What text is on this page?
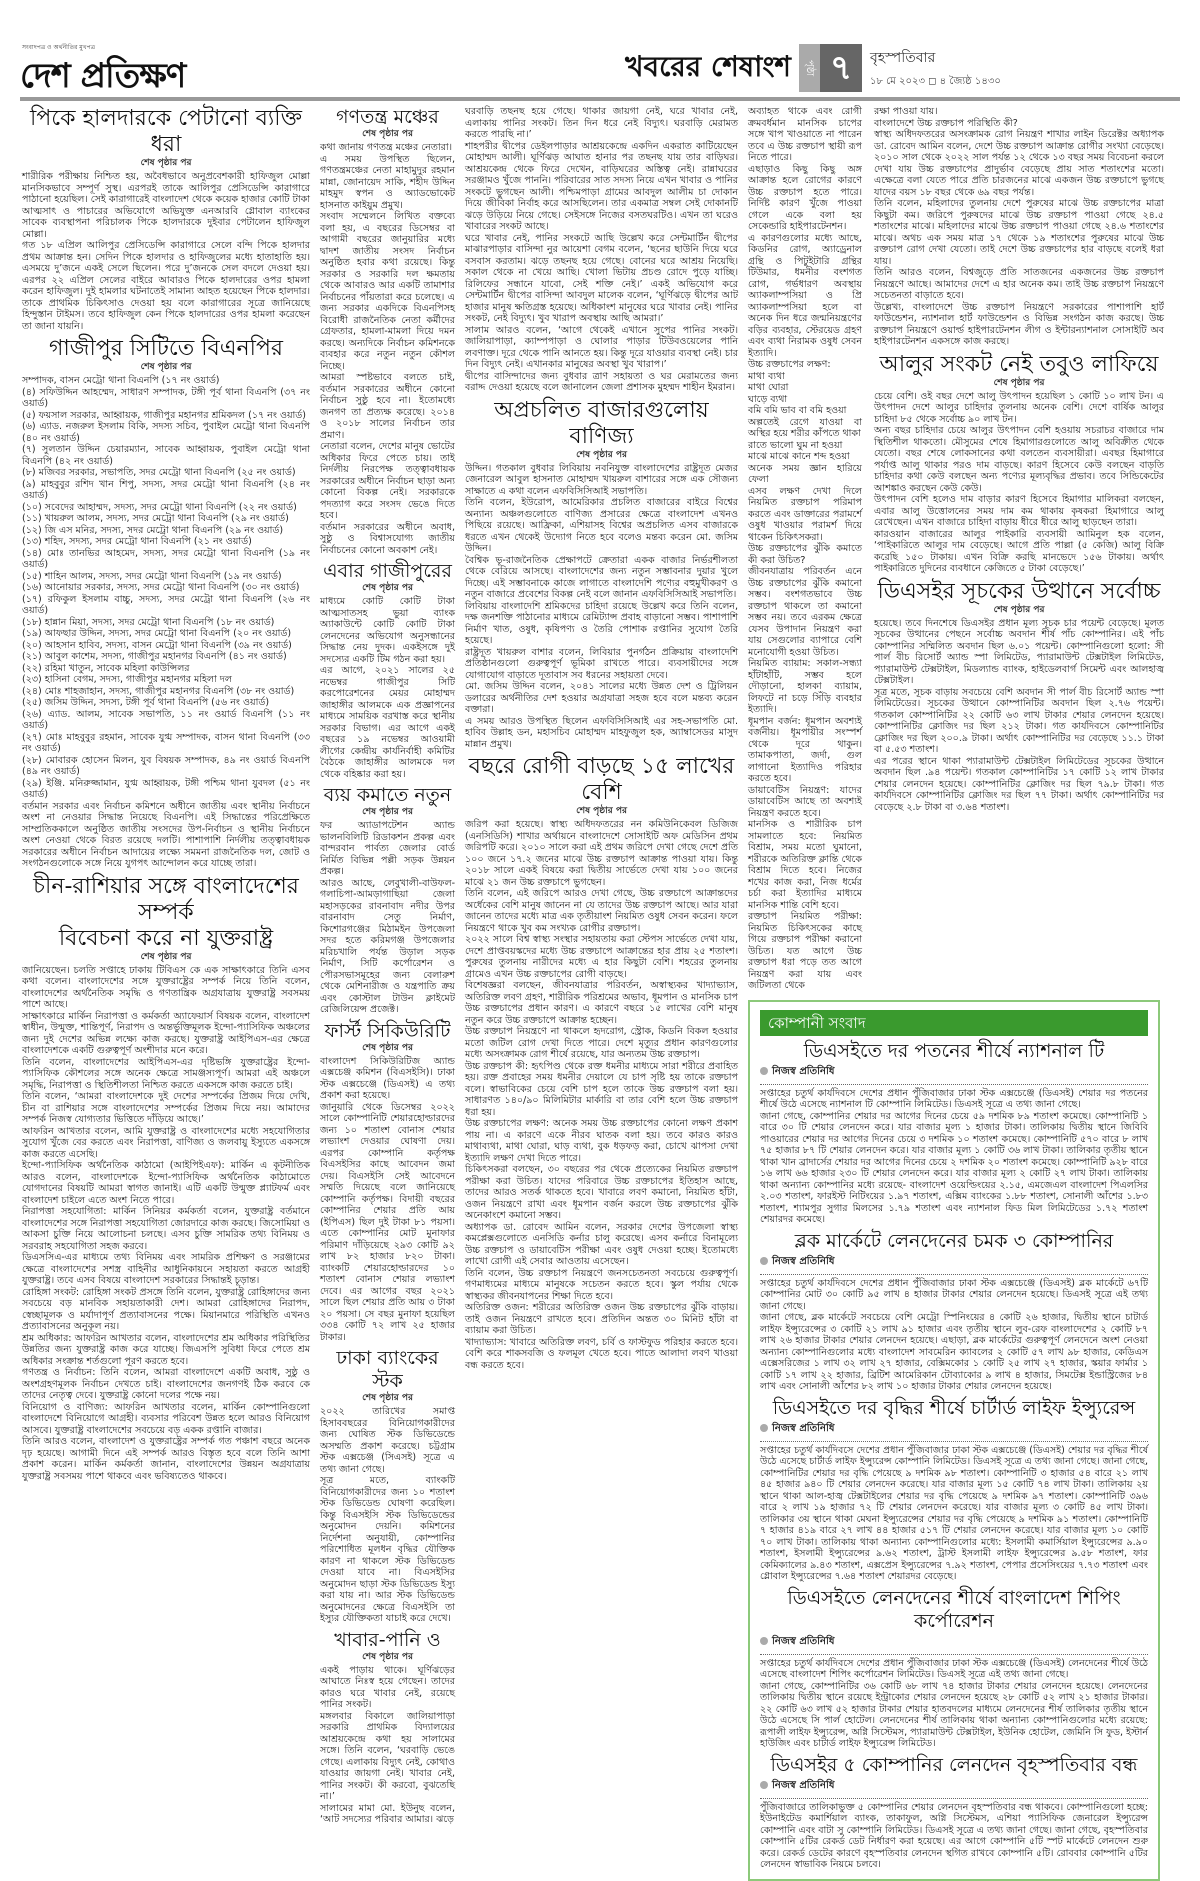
সংবাদপত্র ও অর্থনীতির মুখপত্র
দেশ প্রতিক্ষণ	খবরের শেষাংশ	পৃষ্ঠা ৭	বৃহস্পতিবার
১৮ মে ২০২৩ ◻ ৪ জ্যৈষ্ঠ ১৪৩০
পিকে হালদারকে পেটানো ব্যক্তি ধরা
শেষ পৃষ্ঠার পর

শারীরিক পরীক্ষায় নিশ্চিত হয়, অবৈধভাবে অনুপ্রবেশকারী হাফিজুল মোল্লা মানসিকভাবে সম্পূর্ণ সুস্থ। এরপরই তাকে আলিপুর প্রেসিডেন্সি কারাগারে পাঠানো হয়েছিল। সেই কারাগারেই বাংলাদেশ থেকে কয়েক হাজার কোটি টাকা আত্মসাৎ ও পাচারের অভিযোগে অভিযুক্ত এনআরবি গ্লোবাল ব্যাংকের সাবেক ব্যবস্থাপনা পরিচালক পিকে হালদারকে দুইবার পেটালেন হাফিজুল মোল্লা।

গত ১৮ এপ্রিল আলিপুর প্রেসিডেন্সি কারাগারে সেলে বন্দি পিকে হালদার প্রথম আক্রান্ত হন। সেদিন পিকে হালদার ও হাফিজুলের মধ্যে হাতাহাতি হয়। এসময়ে দু’জনে একই সেলে ছিলেন। পরে দু’জনকে সেল বদলে দেওয়া হয়। এরপর ২২ এপ্রিল সেলের বাইরে আবারও পিকে হালদারের ওপর হামলা করেন হাফিজুল। দুই হামলার ঘটনাতেই সামান্য আহত হয়েছেন পিকে হালদার। তাকে প্রাথমিক চিকিৎসাও দেওয়া হয় বলে কারাগারের সূত্রে জানিয়েছে হিন্দুস্তান টাইমস। তবে হাফিজুল কেন পিকে হালদারের ওপর হামলা করেছেন তা জানা যায়নি।

গাজীপুর সিটিতে বিএনপির
শেষ পৃষ্ঠার পর

সম্পাদক, বাসন মেট্রো থানা বিএনপি (১৭ নং ওয়ার্ড)

(৪) সফিউদ্দিন আহম্মেদ, সাধারণ সম্পাদক, টঙ্গী পূর্ব থানা বিএনপি (৩৭ নং ওয়ার্ড)

(৫) ফয়সাল সরকার, আহ্বায়ক, গাজীপুর মহানগর শ্রমিকদল (১৭ নং ওয়ার্ড)

(৬) এ্যাড. নজরুল ইসলাম বিকি, সদস্য সচিব, পুবাইল মেট্রো থানা বিএনপি (৪০ নং ওয়ার্ড)

(৭) সুলতান উদ্দিন চেয়ারম্যান, সাবেক আহ্বায়ক, পুবাইল মেট্রো থানা বিএনপি (৪২ নং ওয়ার্ড)

(৮) মজিবর সরকার, সভাপতি, সদর মেট্রো থানা বিএনপি (২৫ নং ওয়ার্ড)

(৯) মাহবুবুর রশিদ খান শিপু, সদস্য, সদর মেট্রো থানা বিএনপি (২৪ নং ওয়ার্ড)

(১০) সবেদের আহাম্মদ, সদস্য, সদর মেট্রো থানা বিএনপি (২২ নং ওয়ার্ড)

(১১) খায়রুল আলম, সদস্য, সদর মেট্রো থানা বিএনপি (২৯ নং ওয়ার্ড)

(১২) জি এস মনির, সদস্য, সদর মেট্রো থানা বিএনপি (২৯ নং ওয়ার্ড)

(১৩) শহিদ, সদস্য, সদর মেট্রো থানা বিএনপি (২১ নং ওয়ার্ড)

(১৪) মোঃ তানভির আহমেদ, সদস্য, সদর মেট্রো থানা বিএনপি (১৯ নং ওয়ার্ড)

(১৫) শাহিন আলম, সদস্য, সদর মেট্রো থানা বিএনপি (১৯ নং ওয়ার্ড)

(১৬) আনোয়ার সরকার, সদস্য, সদর মেট্রো থানা বিএনপি (৩০ নং ওয়ার্ড)

(১৭) রফিকুল ইসলাম বাচ্চু, সদস্য, সদর মেট্রো থানা বিএনপি (২৬ নং ওয়ার্ড)

(১৮) হান্নান মিয়া, সদস্য, সদর মেট্রো থানা বিএনপি (১৮ নং ওয়ার্ড)

(১৯) আফছার উদ্দিন, সদস্য, সদর মেট্রো থানা বিএনপি (২০ নং ওয়ার্ড)

(২০) আহসান হাবিব, সদস্য, বাসন মেট্রো থানা বিএনপি (৩৯ নং ওয়ার্ড)

(২১) আবুল কাশেম, সদস্য, গাজীপুর মহানগর বিএনপি (৪১ নং ওয়ার্ড)

(২২) রহিমা খাতুন, সাবেক মহিলা কাউন্সিলর

(২৩) হাসিনা বেগম, সদস্য, গাজীপুর মহানগর মহিলা দল

(২৪) মোঃ শাহজাহান, সদস্য, গাজীপুর মহানগর বিএনপি (৩৮ নং ওয়ার্ড)

(২৫) জসিম উদ্দিন, সদস্য, টঙ্গী পূর্ব থানা বিএনপি (৫৬ নং ওয়ার্ড)

(২৬) এ্যাড. আলম, সাবেক সভাপতি, ১১ নং ওয়ার্ড বিএনপি (১১ নং ওয়ার্ড)

(২৭) মোঃ মাহবুবুর রহমান, সাবেক যুগ্ম সম্পাদক, বাসন থানা বিএনপি (৩৩ নং ওয়ার্ড)

(২৮) মোবারক হোসেন মিলন, যুব বিষয়ক সম্পাদক, ৪৯ নং ওয়ার্ড বিএনপি (৪৯ নং ওয়ার্ড)

(২৯) ইঞ্জি. মনিরুজ্জামান, যুগ্ম আহ্বায়ক, টঙ্গী পশ্চিম থানা যুবদল (৫১ নং ওয়ার্ড)

বর্তমান সরকার এবং নির্বাচন কমিশনে অধীনে জাতীয় এবং স্থানীয় নির্বাচনে অংশ না নেওয়ার সিদ্ধান্ত নিয়েছে বিএনপি। এই সিদ্ধান্তের পরিপ্রেক্ষিতে সাম্প্রতিককালে অনুষ্ঠিত জাতীয় সংসদের উপ-নির্বাচন ও স্থানীয় নির্বাচনে অংশ নেওয়া থেকে বিরত রয়েছে দলটি। পাশাপাশি নির্দলীয় তত্ত্বাবধায়ক সরকারের অধীনে নির্বাচন আদায়ের লক্ষ্যে সমমনা রাজনৈতিক দল, জোট ও সংগঠনগুলোকে সঙ্গে নিয়ে যুগপৎ আন্দোলন করে যাচ্ছে তারা।

চীন-রাশিয়ার সঙ্গে বাংলাদেশের সম্পর্ক
বিবেচনা করে না যুক্তরাষ্ট্র
শেষ পৃষ্ঠার পর

জানিয়েছেন। চলতি সপ্তাহে ঢাকায় টিবিএস কে এক সাক্ষাৎকারে তিনি এসব কথা বলেন। বাংলাদেশের সঙ্গে যুক্তরাষ্ট্রের সম্পর্ক নিয়ে তিনি বলেন, বাংলাদেশের অর্থনৈতিক সমৃদ্ধি ও গণতান্ত্রিক অগ্রযাত্রায় যুক্তরাষ্ট্র সবসময় পাশে আছে।

সাক্ষাৎকারে মার্কিন নিরাপত্তা ও কর্মকর্তা অ্যাফেয়ার্স বিষয়ক বলেন, বাংলাদেশ স্বাধীন, উন্মুক্ত, শান্তিপূর্ণ, নিরাপদ ও অন্তর্ভুক্তিমূলক ইন্দো-প্যাসিফিক অঞ্চলের জন্য দুই দেশের অভিন্ন লক্ষ্যে কাজ করছে। যুক্তরাষ্ট্র আইপিএস-এর ক্ষেত্রে বাংলাদেশকে একটি গুরুত্বপূর্ণ অংশীদার মনে করে।

তিনি বলেন, বাংলাদেশের আইপিএস-এর দৃষ্টিভঙ্গি যুক্তরাষ্ট্রের ইন্দো-প্যাসিফিক কৌশলের সঙ্গে অনেক ক্ষেত্রে সামঞ্জস্যপূর্ণ। আমরা এই অঞ্চলে সমৃদ্ধি, নিরাপত্তা ও স্থিতিশীলতা নিশ্চিত করতে একসঙ্গে কাজ করতে চাই।

তিনি বলেন, ‘আমরা বাংলাদেশকে দুই দেশের সম্পর্কের প্রিজম দিয়ে দেখি, চীন বা রাশিয়ার সঙ্গে বাংলাদেশের সম্পর্কের প্রিজম দিয়ে নয়। আমাদের সম্পর্ক নিজস্ব যোগ্যতার ভিত্তিতে দাঁড়িয়ে আছে।’

আফরিন আখতার বলেন, আমি যুক্তরাষ্ট্র ও বাংলাদেশের মধ্যে সহযোগিতার সুযোগ খুঁজে বের করতে এবং নিরাপত্তা, বাণিজ্য ও জলবায়ু ইস্যুতে একসঙ্গে কাজ করতে এসেছি।

ইন্দো-প্যাসিফিক অর্থনৈতিক কাঠামো (আইপিইএফ): মার্কিন এ কূটনীতিক আরও বলেন, বাংলাদেশকে ইন্দো-প্যাসিফিক অর্থনৈতিক কাঠামোতে যোগদানের বিষয়টি আমরা স্বাগত জানাই। এটি একটি উন্মুক্ত প্ল্যাটফর্ম এবং বাংলাদেশ চাইলে এতে অংশ নিতে পারে।

নিরাপত্তা সহযোগিতা: মার্কিন সিনিয়র কর্মকর্তা বলেন, যুক্তরাষ্ট্র বর্তমানে বাংলাদেশের সঙ্গে নিরাপত্তা সহযোগিতা জোরদারে কাজ করছে। জিসোমিয়া ও আকসা চুক্তি নিয়ে আলোচনা চলছে। এসব চুক্তি সামরিক তথ্য বিনিময় ও সরবরাহ সহযোগিতা সহজ করবে।

ডিএসসিএ-এর মাধ্যমে তথ্য বিনিময় এবং সামরিক প্রশিক্ষণ ও সরঞ্জামের ক্ষেত্রে বাংলাদেশের সশস্ত্র বাহিনীর আধুনিকায়নে সহায়তা করতে আগ্রহী যুক্তরাষ্ট্র। তবে এসব বিষয়ে বাংলাদেশ সরকারের সিদ্ধান্তই চূড়ান্ত।

রোহিঙ্গা সংকট: রোহিঙ্গা সংকট প্রসঙ্গে তিনি বলেন, যুক্তরাষ্ট্র রোহিঙ্গাদের জন্য সবচেয়ে বড় মানবিক সহায়তাকারী দেশ। আমরা রোহিঙ্গাদের নিরাপদ, স্বেচ্ছামূলক ও মর্যাদাপূর্ণ প্রত্যাবাসনের পক্ষে। মিয়ানমারে পরিস্থিতি এখনও প্রত্যাবাসনের অনুকূল নয়।

শ্রম অধিকার: আফরিন আখতার বলেন, বাংলাদেশের শ্রম অধিকার পরিস্থিতির উন্নতির জন্য যুক্তরাষ্ট্র কাজ করে যাচ্ছে। জিএসপি সুবিধা ফিরে পেতে শ্রম অধিকার সংক্রান্ত শর্তগুলো পূরণ করতে হবে।

গণতন্ত্র ও নির্বাচন: তিনি বলেন, আমরা বাংলাদেশে একটি অবাধ, সুষ্ঠু ও অংশগ্রহণমূলক নির্বাচন দেখতে চাই। বাংলাদেশের জনগণই ঠিক করবে কে তাদের নেতৃত্ব দেবে। যুক্তরাষ্ট্র কোনো দলের পক্ষে নয়।

বিনিয়োগ ও বাণিজ্য: আফরিন আখতার বলেন, মার্কিন কোম্পানিগুলো বাংলাদেশে বিনিয়োগে আগ্রহী। ব্যবসার পরিবেশ উন্নত হলে আরও বিনিয়োগ আসবে। যুক্তরাষ্ট্র বাংলাদেশের সবচেয়ে বড় একক রপ্তানি বাজার।

তিনি আরও বলেন, বাংলাদেশ ও যুক্তরাষ্ট্রের সম্পর্ক গত পঞ্চাশ বছরে অনেক দৃঢ় হয়েছে। আগামী দিনে এই সম্পর্ক আরও বিস্তৃত হবে বলে তিনি আশা প্রকাশ করেন। মার্কিন কর্মকর্তা জানান, বাংলাদেশের উন্নয়ন অগ্রযাত্রায় যুক্তরাষ্ট্র সবসময় পাশে থাকবে এবং ভবিষ্যতেও থাকবে।

গণতন্ত্র মঞ্চের
শেষ পৃষ্ঠার পর

কথা জানায় গণতন্ত্র মঞ্চের নেতারা।

এ সময় উপস্থিত ছিলেন, গণতন্ত্রমঞ্চের নেতা মাহামুদুর রহমান মান্না, জোনায়েদ সাকি, শহীদ উদ্দিন মাহমুদ স্বপন ও অ্যাডভোকেট হাসনাত কাইয়ুম প্রমুখ।

সংবাদ সম্মেলনে লিখিত বক্তব্যে বলা হয়, এ বছরের ডিসেম্বর বা আগামী বছরের জানুয়ারির মধ্যে দ্বাদশ জাতীয় সংসদ নির্বাচন অনুষ্ঠিত হবার কথা রয়েছে। কিন্তু সরকার ও সরকারি দল ক্ষমতায় থেকে আবারও আর একটি তামাশার নির্বাচনের পাঁয়তারা করে চলেছে। এ জন্য সরকার একদিকে বিএনপিসহ বিরোধী রাজনৈতিক নেতা কর্মীদের গ্রেফতার, হামলা-মামলা দিয়ে দমন করছে। অন্যদিকে নির্বাচন কমিশনকে ব্যবহার করে নতুন নতুন কৌশল নিচ্ছে।

আমরা স্পষ্টভাবে বলতে চাই, বর্তমান সরকারের অধীনে কোনো নির্বাচন সুষ্ঠু হবে না। ইতোমধ্যে জনগণ তা প্রত্যক্ষ করেছে। ২০১৪ ও ২০১৮ সালের নির্বাচন তার প্রমাণ।

নেতারা বলেন, দেশের মানুষ ভোটের অধিকার ফিরে পেতে চায়। তাই নির্দলীয় নিরপেক্ষ তত্ত্বাবধায়ক সরকারের অধীনে নির্বাচন ছাড়া অন্য কোনো বিকল্প নেই। সরকারকে পদত্যাগ করে সংসদ ভেঙে দিতে হবে।

বর্তমান সরকারের অধীনে অবাধ, সুষ্ঠু ও বিশ্বাসযোগ্য জাতীয় নির্বাচনের কোনো অবকাশ নেই।

এবার গাজীপুরের
শেষ পৃষ্ঠার পর

মাধ্যমে কোটি কোটি টাকা আত্মসাতসহ ভুয়া ব্যাংক অ্যাকাউন্টে কোটি কোটি টাকা লেনদেনের অভিযোগ অনুসন্ধানের সিদ্ধান্ত নেয় দুদক। একইসঙ্গে দুই সদস্যের একটি টিম গঠন করা হয়।

এর আগে, ২০২১ সালের ২৫ নভেম্বর গাজীপুর সিটি করপোরেশনের মেয়র মোহাম্মদ জাহাঙ্গীর আলমকে এক প্রজ্ঞাপনের মাধ্যমে সাময়িক বরখাস্ত করে স্থানীয় সরকার বিভাগ। এর আগে একই বছরের ১৯ নভেম্বর আওয়ামী লীগের কেন্দ্রীয় কার্যনির্বাহী কমিটির বৈঠকে জাহাঙ্গীর আলমকে দল থেকে বহিষ্কার করা হয়।

ব্যয় কমাতে নতুন
শেষ পৃষ্ঠার পর

ফর অ্যাডাপটেশন অ্যান্ড ভালনবিলিটি রিডাকশন প্রকল্প এবং বান্দরবান পার্বত্য জেলার বোর্ড নির্মিত বিভিন্ন পল্লী সড়ক উন্নয়ন প্রকল্প।

আরও আছে, লেবুখালী-বাউফল-গলাচিপা-আমড়াগাছিয়া জেলা মহাসড়কের রাবনাবাদ নদীর উপর বারনাবাদ সেতু নির্মাণ, কিশোরগঞ্জের মিঠামইন উপজেলা সদর হতে করিমগঞ্জ উপজেলার মরিচখালি পর্যন্ত উড়াল সড়ক নির্মাণ, সিটি কর্পোরেশন ও পৌরসভাসমূহের জন্য বেলারুশ থেকে মেশিনারীজ ও যন্ত্রপাতি ক্রয় এবং কোস্টাল টাউন ক্লাইমেট রেজিলিয়েন্স প্রজেক্ট।

ফার্স্ট সিকিউরিটি
শেষ পৃষ্ঠার পর

বাংলাদেশ সিকিউরিটিজ অ্যান্ড এক্সচেঞ্জ কমিশন (বিএসইসি)। ঢাকা স্টক এক্সচেঞ্জে (ডিএসই) এ তথ্য প্রকাশ করা হয়েছে।

জানুয়ারি থেকে ডিসেম্বর ২০২২ সালে কোম্পানিটি শেয়ারহোল্ডারদের জন্য ১০ শতাংশ বোনাস শেয়ার লভ্যাংশ দেওয়ার ঘোষণা দেয়। এরপর কোম্পানি কর্তৃপক্ষ বিএসইসির কাছে আবেদন জমা দেয়। বিএসইসি সেই আবেদনে সম্মতি দিয়েছে বলে জানিয়েছে কোম্পানি কর্তৃপক্ষ। বিদায়ী বছরের কোম্পানির শেয়ার প্রতি আয় (ইপিএস) ছিল দুই টাকা ৮১ পয়সা। এতে কোম্পানির মোট মুনাফার পরিমাণ দাঁড়িয়েছে ২৯৩ কোটি ৯২ লাখ ৮২ হাজার ৮২০ টাকা। ব্যাংকটি শেয়ারহোল্ডারদের ১০ শতাংশ বোনাস শেয়ার লভ্যাংশ দেবে। এর আগের বছর ২০২১ সালে ছিল শেয়ার প্রতি আয় ৩ টাকা ২০ পয়সা। সে বছর মুনাফা হয়েছিল ৩৩৪ কোটি ৭২ লাখ ২৫ হাজার টাকার।

ঢাকা ব্যাংকের স্টক
শেষ পৃষ্ঠার পর

২০২২ তারিখের সমাপ্ত হিসাববছরের বিনিয়োগকারীদের জন্য ঘোষিত স্টক ডিভিডেন্ডে অসম্মতি প্রকাশ করেছে। চট্টগ্রাম স্টক এক্সচেঞ্জ (সিএসই) সূত্রে এ তথ্য জানা গেছে।

সূত্র মতে, ব্যাংকটি বিনিয়োগকারীদের জন্য ১০ শতাংশ স্টক ডিভিডেন্ড ঘোষণা করেছিল। কিন্তু বিএসইসি স্টক ডিভিডেন্ডের অনুমোদন দেয়নি। কমিশনের নির্দেশনা অনুযায়ী, কোম্পানির পরিশোধিত মূলধন বৃদ্ধির যৌক্তিক কারণ না থাকলে স্টক ডিভিডেন্ড দেওয়া যাবে না। বিএসইসির অনুমোদন ছাড়া স্টক ডিভিডেন্ড ইস্যু করা যায় না। আর স্টক ডিভিডেন্ড অনুমোদনের ক্ষেত্রে বিএসইসি তা ইস্যুর যৌক্তিকতা যাচাই করে দেখে।

খাবার-পানি ও
শেষ পৃষ্ঠার পর

একই পাড়ায় থাকে। ঘূর্ণিঝড়ের আঘাতে নিঃস্ব হয়ে গেছেন। তাদের কারও ঘরে খাবার নেই, রয়েছে পানির সংকট।

মঙ্গলবার বিকালে জালিয়াপাড়া সরকারি প্রাথমিক বিদ্যালয়ের আশ্রয়কেন্দ্রে কথা হয় সালামের সঙ্গে। তিনি বলেন, ‘ঘরবাড়ি ভেঙে গেছে। এলাকায় বিদ্যুৎ নেই, কোথাও যাওয়ার জায়গা নেই। খাবার নেই, পানির সংকট। কী করবো, বুঝতেছি না।’

সালামের মামা মো. ইউনুছ বলেন, ‘আট সদস্যের পরিবার আমার। ঝড়ে

ঘরবাড়ি তছনছ হয়ে গেছে। থাকার জায়গা নেই, ঘরে খাবার নেই, এলাকায় পানির সংকট। তিন দিন ধরে নেই বিদ্যুৎ। ঘরবাড়ি মেরামত করতে পারছি না।’

শাহপরীর দ্বীপের ডেইলপাড়ার আশ্রয়কেন্দ্রে একদিন একরাত কাটিয়েছেন মোহাম্মদ আলী। ঘূর্ণিঝড় আঘাত হানার পর তছনছ যায় তার বাড়িঘর। আশ্রয়কেন্দ্র থেকে ফিরে দেখেন, বাড়িঘরের অস্তিত্ব নেই। রান্নাঘরের সরঞ্জামও খুঁজে পাননি। পরিবারের সাত সদস্য নিয়ে এখন খাবার ও পানির সংকটে ভুগছেন আলী। পশ্চিমপাড়া গ্রামের আবদুল আলীম চা দোকান দিয়ে জীবিকা নির্বাহ করে আসছিলেন। তার একমাত্র সম্বল সেই দোকানটি ঝড়ে উড়িয়ে নিয়ে গেছে। সেইসঙ্গে নিজের বসতঘরটিও। এখন তা ঘরেও খাবারের সংকট আছে।

ঘরে খাবার নেই, পানির সংকটে আছি উল্লেখ করে সেন্টমার্টিন দ্বীপের মাঝারপাড়ার বাসিন্দা নুর আয়েশা বেগম বলেন, ‘ছনের ছাউনি দিয়ে ঘরে বসবাস করতাম। ঝড়ে তছনছ হয়ে গেছে। বোনের ঘরে আশ্রয় নিয়েছি। সকাল থেকে না খেয়ে আছি। খোলা ভিটায় প্রচণ্ড রোদে পুড়ে যাচ্ছি। রিলিফের সন্ধানে যাবো, সেই শক্তি নেই।’ একই অভিযোগ করে সেন্টমার্টিন দ্বীপের বাসিন্দা আবদুল মালেক বলেন, ‘ঘূর্ণিঝড়ে দ্বীপের আট হাজার মানুষ ক্ষতিগ্রস্ত হয়েছে। অধিকাংশ মানুষের ঘরে খাবার নেই। পানির সংকট, নেই বিদ্যুৎ। খুব খারাপ অবস্থায় আছি আমরা।’

সালাম আরও বলেন, ‘আগে থেকেই এখানে সুপের পানির সংকট। জালিয়াপাড়া, ক্যাম্পপাড়া ও ঘোলার পাড়ার টিউবওয়েলের পানি লবণাক্ত। দূরে থেকে পানি আনতে হয়। কিন্তু দূরে যাওয়ার ব্যবস্থা নেই। চার দিন বিদ্যুৎ নেই। এখানকার মানুষের অবস্থা খুব খারাপ।’

দ্বীপের বাসিন্দাদের জন্য বুধবার ত্রাণ সহায়তা ও ঘর মেরামতের জন্য বরাদ্দ দেওয়া হয়েছে বলে জানালেন জেলা প্রশাসক মুহম্মদ শাহীন ইমরান।

অপ্রচলিত বাজারগুলোয় বাণিজ্য
শেষ পৃষ্ঠার পর

উদ্দিন। গতকাল বুধবার লিবিয়ায় নবনিযুক্ত বাংলাদেশের রাষ্ট্রদূত মেজর জেনারেল আবুল হাসনাত মোহাম্মদ খায়রুল বাশারের সঙ্গে এক সৌজন্য সাক্ষাতে এ কথা বলেন এফবিসিসিআই সভাপতি।

তিনি বলেন, ইউরোপ, আমেরিকার প্রচলিত বাজারের বাইরে বিশ্বের অন্যান্য অঞ্চলগুলোতে বাণিজ্য প্রসারের ক্ষেত্রে বাংলাদেশ এখনও পিছিয়ে রয়েছে। আফ্রিকা, এশিয়াসহ বিশ্বের অপ্রচলিত এসব বাজারকে ধরতে এখন থেকেই উদ্যোগ নিতে হবে বলেও মন্তব্য করেন মো. জসিম উদ্দিন।

বৈশ্বিক ভূ-রাজনৈতিক প্রেক্ষাপটে ক্রেতারা একক বাজার নির্ভরশীলতা থেকে বেরিয়ে আসছে। বাংলাদেশের জন্য নতুন সম্ভাবনার দুয়ার খুলে দিচ্ছে। এই সম্ভাবনাকে কাজে লাগাতে বাংলাদেশি পণ্যের বহুমুখীকরণ ও নতুন বাজারে প্রবেশের বিকল্প নেই বলে জানান এফবিসিসিআই সভাপতি।

লিবিয়ায় বাংলাদেশি শ্রমিকদের চাহিদা রয়েছে উল্লেখ করে তিনি বলেন, দক্ষ জনশক্তি পাঠানোর মাধ্যমে রেমিট্যান্স প্রবাহ বাড়ানো সম্ভব। পাশাপাশি নির্মাণ খাত, ওষুধ, কৃষিপণ্য ও তৈরি পোশাক রপ্তানির সুযোগ তৈরি হয়েছে।

রাষ্ট্রদূত খায়রুল বাশার বলেন, লিবিয়ার পুনর্গঠন প্রক্রিয়ায় বাংলাদেশি প্রতিষ্ঠানগুলো গুরুত্বপূর্ণ ভূমিকা রাখতে পারে। ব্যবসায়ীদের সঙ্গে যোগাযোগ বাড়াতে দূতাবাস সব ধরনের সহায়তা দেবে।

মো. জসিম উদ্দিন বলেন, ২০৪১ সালের মধ্যে উন্নত দেশ ও ট্রিলিয়ন ডলারের অর্থনীতির দেশ হওয়ার অগ্রযাত্রা সহজ হবে বলে মন্তব্য করেন বক্তারা।

এ সময় আরও উপস্থিত ছিলেন এফবিসিসিআই এর সহ-সভাপতি মো. হাবিব উল্লাহ ডন, মহাসচিব মোহাম্মদ মাহফুজুল হক, অ্যাম্বাসেডর মাসুদ মান্নান প্রমুখ।

বছরে রোগী বাড়ছে ১৫ লাখের বেশি
শেষ পৃষ্ঠার পর

জরিপ করা হয়েছে। স্বাস্থ্য অধিদফতরের নন কমিউনিকেবল ডিজিজ (এনসিডিসি) শাখার অর্থায়নে বাংলাদেশে সোসাইটি অফ মেডিসিন প্রথম জরিপটি করে। ২০১০ সালে করা এই প্রথম জরিপে দেখা গেছে দেশে প্রতি ১০০ জনে ১৭.২ জনের মাঝে উচ্চ রক্তচাপ আক্রান্ত পাওয়া যায়। কিন্তু ২০১৮ সালে একই বিষয়ে করা দ্বিতীয় সার্ভেতে দেখা যায় ১০০ জনের মাঝে ২১ জন উচ্চ রক্তচাপে ভুগছেন।

তিনি বলেন, এই জরিপে আরও দেখা গেছে, উচ্চ রক্তচাপে আক্রান্তদের অর্ধেকের বেশি মানুষ জানেন না যে তাদের উচ্চ রক্তচাপ আছে। আর যারা জানেন তাদের মধ্যে মাত্র এক তৃতীয়াংশ নিয়মিত ওষুধ সেবন করেন। ফলে নিয়ন্ত্রণে থাকে খুব কম সংখ্যক রোগীর রক্তচাপ।

২০২২ সালে বিশ্ব স্বাস্থ্য সংস্থার সহায়তায় করা স্টেপস সার্ভেতে দেখা যায়, দেশে প্রাপ্তবয়স্কদের মধ্যে উচ্চ রক্তচাপে আক্রান্তের হার প্রায় ২৫ শতাংশ। পুরুষের তুলনায় নারীদের মধ্যে এ হার কিছুটা বেশি। শহরের তুলনায় গ্রামেও এখন উচ্চ রক্তচাপের রোগী বাড়ছে।

বিশেষজ্ঞরা বলছেন, জীবনযাত্রার পরিবর্তন, অস্বাস্থ্যকর খাদ্যাভ্যাস, অতিরিক্ত লবণ গ্রহণ, শারীরিক পরিশ্রমের অভাব, ধূমপান ও মানসিক চাপ উচ্চ রক্তচাপের প্রধান কারণ। এ কারণে বছরে ১৫ লাখের বেশি মানুষ নতুন করে উচ্চ রক্তচাপে আক্রান্ত হচ্ছেন।

উচ্চ রক্তচাপ নিয়ন্ত্রণে না থাকলে হৃদরোগ, স্ট্রোক, কিডনি বিকল হওয়ার মতো জটিল রোগ দেখা দিতে পারে। দেশে মৃত্যুর প্রধান কারণগুলোর মধ্যে অসংক্রামক রোগ শীর্ষে রয়েছে, যার অন্যতম উচ্চ রক্তচাপ।

উচ্চ রক্তচাপ কী: হৃৎপিণ্ড থেকে রক্ত ধমনীর মাধ্যমে সারা শরীরে প্রবাহিত হয়। রক্ত প্রবাহের সময় ধমনীর দেয়ালে যে চাপ সৃষ্টি হয় তাকে রক্তচাপ বলে। স্বাভাবিকের চেয়ে বেশি চাপ হলে তাকে উচ্চ রক্তচাপ বলা হয়। সাধারণত ১৪০/৯০ মিলিমিটার মার্কারি বা তার বেশি হলে উচ্চ রক্তচাপ ধরা হয়।

উচ্চ রক্তচাপের লক্ষণ: অনেক সময় উচ্চ রক্তচাপের কোনো লক্ষণ প্রকাশ পায় না। এ কারণে একে নীরব ঘাতক বলা হয়। তবে কারও কারও মাথাব্যথা, মাথা ঘোরা, ঘাড় ব্যথা, বুক ধড়ফড় করা, চোখে ঝাপসা দেখা ইত্যাদি লক্ষণ দেখা দিতে পারে।

চিকিৎসকরা বলছেন, ৩০ বছরের পর থেকে প্রত্যেকের নিয়মিত রক্তচাপ পরীক্ষা করা উচিত। যাদের পরিবারে উচ্চ রক্তচাপের ইতিহাস আছে, তাদের আরও সতর্ক থাকতে হবে। খাবারে লবণ কমানো, নিয়মিত হাঁটা, ওজন নিয়ন্ত্রণে রাখা এবং ধূমপান বর্জন করলে উচ্চ রক্তচাপের ঝুঁকি অনেকাংশে কমানো সম্ভব।

অধ্যাপক ডা. রোবেদ আমিন বলেন, সরকার দেশের উপজেলা স্বাস্থ্য কমপ্লেক্সগুলোতে এনসিডি কর্নার চালু করেছে। এসব কর্নারে বিনামূল্যে উচ্চ রক্তচাপ ও ডায়াবেটিস পরীক্ষা এবং ওষুধ দেওয়া হচ্ছে। ইতোমধ্যে লাখো রোগী এই সেবার আওতায় এসেছেন।

তিনি বলেন, উচ্চ রক্তচাপ নিয়ন্ত্রণে জনসচেতনতা সবচেয়ে গুরুত্বপূর্ণ। গণমাধ্যমের মাধ্যমে মানুষকে সচেতন করতে হবে। স্কুল পর্যায় থেকে স্বাস্থ্যকর জীবনযাপনের শিক্ষা দিতে হবে।

অতিরিক্ত ওজন: শরীরের অতিরিক্ত ওজন উচ্চ রক্তচাপের ঝুঁকি বাড়ায়। তাই ওজন নিয়ন্ত্রণে রাখতে হবে। প্রতিদিন অন্তত ৩০ মিনিট হাঁটা বা ব্যায়াম করা উচিত।

খাদ্যাভ্যাস: খাবারে অতিরিক্ত লবণ, চর্বি ও ফাস্টফুড পরিহার করতে হবে। বেশি করে শাকসবজি ও ফলমূল খেতে হবে। পাতে আলাদা লবণ খাওয়া বন্ধ করতে হবে।

অব্যাহত থাকে এবং রোগী ক্রমবর্ধমান মানসিক চাপের সঙ্গে খাপ খাওয়াতে না পারেন তবে এ উচ্চ রক্তচাপ স্থায়ী রূপ নিতে পারে।

এছাড়াও কিছু কিছু অঙ্গ আক্রান্ত হলে রোগের কারণে উচ্চ রক্তচাপ হতে পারে। নির্দিষ্ট কারণ খুঁজে পাওয়া গেলে একে বলা হয় সেকেন্ডারি হাইপারটেনশন।

এ কারণগুলোর মধ্যে আছে, কিডনির রোগ, অ্যাড্রেনাল গ্রন্থি ও পিটুইটারি গ্রন্থির টিউমার, ধমনীর বংশগত রোগ, গর্ভধারণ অবস্থায় অ্যাকলাম্পসিয়া ও প্রি অ্যাকলাম্পসিয়া হলে বা অনেক দিন ধরে জন্মনিয়ন্ত্রণের বড়ির ব্যবহার, স্টেরয়েড গ্রহণ এবং ব্যথা নিরামক ওষুধ সেবন ইত্যাদি।

উচ্চ রক্তচাপের লক্ষণ:

মাথা ব্যথা

মাথা ঘোরা

ঘাড়ে ব্যথা

বমি বমি ভাব বা বমি হওয়া

অল্পতেই রেগে যাওয়া বা অস্থির হয়ে শরীর কাঁপতে থাকা

রাতে ভালো ঘুম না হওয়া

মাঝে মাঝে কানে শব্দ হওয়া

অনেক সময় জ্ঞান হারিয়ে ফেলা

এসব লক্ষণ দেখা দিলে নিয়মিত রক্তচাপ পরিমাপ করতে এবং ডাক্তারের পরামর্শে ওষুধ খাওয়ার পরামর্শ দিয়ে থাকেন চিকিৎসকরা।

উচ্চ রক্তচাপের ঝুঁকি কমাতে কী করা উচিত?

জীবনযাত্রায় পরিবর্তন এনে উচ্চ রক্তচাপের ঝুঁকি কমানো সম্ভব। বংশগতভাবে উচ্চ রক্তচাপ থাকলে তা কমানো সম্ভব নয়। তবে এরকম ক্ষেত্রে যেসব উপাদান নিয়ন্ত্রণ করা যায় সেগুলোর ব্যাপারে বেশি মনোযোগী হওয়া উচিত।

নিয়মিত ব্যায়াম: সকাল-সন্ধ্যা হাঁটাহাঁটি, সম্ভব হলে দৌড়ানো, হালকা ব্যায়াম, লিফটে না চড়ে সিঁড়ি ব্যবহার ইত্যাদি।

ধূমপান বর্জন: ধূমপান অবশ্যই বর্জনীয়। ধূমপায়ীর সংস্পর্শ থেকে দূরে থাকুন। তামাকপাতা, জর্দা, গুল লাগানো ইত্যাদিও পরিহার করতে হবে।

ডায়াবেটিস নিয়ন্ত্রণ: যাদের ডায়াবেটিস আছে তা অবশ্যই নিয়ন্ত্রণ করতে হবে।

মানসিক ও শারীরিক চাপ সামলাতে হবে: নিয়মিত বিশ্রাম, সময় মতো ঘুমানো, শরীরকে অতিরিক্ত ক্লান্তি থেকে বিশ্রাম দিতে হবে। নিজের শখের কাজ করা, নিজ ধর্মের চর্চা করা ইত্যাদির মাধ্যমে মানসিক শান্তি বেশি হবে।

রক্তচাপ নিয়মিত পরীক্ষা: নিয়মিত চিকিৎসকের কাছে গিয়ে রক্তচাপ পরীক্ষা করানো উচিত। যত আগে উচ্চ রক্তচাপ ধরা পড়ে তত আগে নিয়ন্ত্রণ করা যায় এবং জটিলতা থেকে

রক্ষা পাওয়া যায়।

বাংলাদেশে উচ্চ রক্তচাপ পরিস্থিতি কী?

স্বাস্থ্য অধিদফতরের অসংক্রামক রোগ নিয়ন্ত্রণ শাখার লাইন ডিরেক্টর অধ্যাপক ডা. রোবেদ আমিন বলেন, দেশে উচ্চ রক্তচাপ আক্রান্ত রোগীর সংখ্যা বেড়েছে। ২০১০ সাল থেকে ২০২২ সাল পর্যন্ত ১২ থেকে ১৩ বছর সময় বিবেচনা করলে দেখা যায় উচ্চ রক্তচাপের প্রাদুর্ভাব বেড়েছে প্রায় সাত শতাংশের মতো। এক্ষেত্রে বলা যেতে পারে প্রতি চারজনের মাঝে একজন উচ্চ রক্তচাপে ভুগছে যাদের বয়স ১৮ বছর থেকে ৬৯ বছর পর্যন্ত।

তিনি বলেন, মহিলাদের তুলনায় দেশে পুরুষের মাঝে উচ্চ রক্তচাপের মাত্রা কিছুটা কম। জরিপে পুরুষদের মাঝে উচ্চ রক্তচাপ পাওয়া গেছে ২৪.৫ শতাংশের মাঝে। মহিলাদের মাঝে উচ্চ রক্তচাপ পাওয়া গেছে ২৪.৬ শতাংশের মাঝে। অথচ এক সময় মাত্র ১৭ থেকে ১৯ শতাংশের পুরুষের মাঝে উচ্চ রক্তচাপ রোগ দেখা যেতো। তাই দেশে উচ্চ রক্তচাপের হার বাড়ছে বলেই ধরা যায়।

তিনি আরও বলেন, বিশ্বজুড়ে প্রতি সাতজনের একজনের উচ্চ রক্তচাপ নিয়ন্ত্রণে আছে। আমাদের দেশে এ হার অনেক কম। তাই উচ্চ রক্তচাপ নিয়ন্ত্রণে সচেতনতা বাড়াতে হবে।

উল্লেখ্য, বাংলাদেশে উচ্চ রক্তচাপ নিয়ন্ত্রণে সরকারের পাশাপাশি হার্ট ফাউন্ডেশন, ন্যাশনাল হার্ট ফাউন্ডেশন ও বিভিন্ন সংগঠন কাজ করছে। উচ্চ রক্তচাপ নিয়ন্ত্রণে ওয়ার্ল্ড হাইপারটেনশন লীগ ও ইন্টারন্যাশনাল সোসাইটি অব হাইপারটেনশন একসঙ্গে কাজ করছে।

আলুর সংকট নেই তবুও লাফিয়ে
শেষ পৃষ্ঠার পর

চেয়ে বেশি। ওই বছর দেশে আলু উৎপাদন হয়েছিল ১ কোটি ১০ লাখ টন। এ উৎপাদন দেশে আলুর চাহিদার তুলনায় অনেক বেশি। দেশে বার্ষিক আলুর চাহিদা ৮৫ থেকে সর্বোচ্চ ৯০ লাখ টন।

অন্য বছর চাহিদার চেয়ে আলুর উৎপাদন বেশি হওয়ায় সচরাচর বাজারে দাম স্থিতিশীল থাকতো। মৌসুমের শেষে হিমাগারগুলোতে আলু অবিক্রীত থেকে যেতো। বছর শেষে লোকসানের কথা বলতেন ব্যবসায়ীরা। এবছর হিমাগারে পর্যাপ্ত আলু থাকার পরও দাম বাড়ছে। কারণ হিসেবে কেউ বলছেন বাড়তি চাহিদার কথা কেউ বলছেন অন্য পণ্যের মূল্যবৃদ্ধির প্রভাব। তবে সিন্ডিকেটের আশঙ্কাও করছেন কেউ কেউ।

উৎপাদন বেশি হলেও দাম বাড়ার কারণ হিসেবে হিমাগার মালিকরা বলছেন, এবার আলু উত্তোলনের সময় দাম কম থাকায় কৃষকরা হিমাগারে আলু রেখেছেন। এখন বাজারে চাহিদা বাড়ায় ধীরে ধীরে আলু ছাড়ছেন তারা।

কারওয়ান বাজারের আলুর পাইকারি ব্যবসায়ী আমিনুল হক বলেন, ‘পাইকারিতে আলুর দাম বেড়েছে। আগে প্রতি পাল্লা (৫ কেজি) আলু বিক্রি করেছি ১৫০ টাকায়। এখন বিক্রি করছি মানভেদে ১৫৬ টাকায়। অর্থাৎ পাইকারিতে দুদিনের ব্যবধানে কেজিতে ৫ টাকা বেড়েছে।’

ডিএসইর সূচকের উত্থানে সর্বোচ্চ
শেষ পৃষ্ঠার পর

হয়েছে। তবে দিনশেষে ডিএসইর প্রধান মূল্য সূচক চার পয়েন্ট বেড়েছে। মূলত সূচকের উত্থানের পেছনে সর্বোচ্চ অবদান শীর্ষ পাঁচ কোম্পানির। এই পাঁচ কোম্পানির সম্মিলিত অবদান ছিল ৬.০১ পয়েন্ট। কোম্পানিগুলো হলো: সী পার্ল বীচ রিসোর্ট অ্যান্ড স্পা লিমিটেড, প্যারামাউন্ট টেক্সটাইল লিমিটেড, প্যারামাউন্ট টেক্সটাইল, মিডল্যান্ড ব্যাংক, হাইডেলবার্গ সিমেন্ট এবং আলহাজ্ব টেক্সটাইল।

সূত্র মতে, সূচক বাড়ায় সবচেয়ে বেশি অবদান সী পার্ল বীচ রিসোর্ট অ্যান্ড স্পা লিমিটেডের। সূচকের উত্থানে কোম্পানিটির অবদান ছিল ২.৭৬ পয়েন্ট। গতকাল কোম্পানিটির ২২ কোটি ৬৩ লাখ টাকার শেয়ার লেনদেন হয়েছে। কোম্পানিটির ক্লোজিং দর ছিল ২১২ টাকা। গত কার্যদিবসে কোম্পানিটির ক্লোজিং দর ছিল ২০০.৯ টাকা। অর্থাৎ কোম্পানিটির দর বেড়েছে ১১.১ টাকা বা ৫.৫৩ শতাংশ।

এর পরের স্থানে থাকা প্যারামাউন্ট টেক্সটাইল লিমিটেডের সূচকের উত্থানে অবদান ছিল .৯৪ পয়েন্ট। গতকাল কোম্পানিটির ১৭ কোটি ১২ লাখ টাকার শেয়ার লেনদেন হয়েছে। কোম্পানিটির ক্লোজিং দর ছিল ৭৯.৮ টাকা। গত কার্যদিবসে কোম্পানিটির ক্লোজিং দর ছিল ৭৭ টাকা। অর্থাৎ কোম্পানিটির দর বেড়েছে ২.৮ টাকা বা ৩.৬৪ শতাংশ।

কোম্পানী সংবাদ
ডিএসইতে দর পতনের শীর্ষে ন্যাশনাল টি
নিজস্ব প্রতিনিধি

সপ্তাহের চতুর্থ কার্যদিবসে দেশের প্রধান পুঁজিবাজার ঢাকা স্টক এক্সচেঞ্জে (ডিএসই) শেয়ার দর পতনের শীর্ষে উঠে এসেছে ন্যাশনাল টি কোম্পানি লিমিটেড। ডিএসই সূত্রে এ তথ্য জানা গেছে।

জানা গেছে, কোম্পানির শেয়ার দর আগের দিনের চেয়ে ৫৯ দশমিক ৮৯ শতাংশ কমেছে। কোম্পানিটি ১ বারে ৩০ টি শেয়ার লেনদেন করে। যার বাজার মূল্য ১ হাজার টাকা। তালিকায় দ্বিতীয় স্থানে জিবিবি পাওয়ারের শেয়ার দর আগের দিনের চেয়ে ৩ দশমিক ১০ শতাংশ কমেছে। কোম্পানিটি ৫৭০ বারে ৮ লাখ ৭৫ হাজার ৮৭ টি শেয়ার লেনদেন করে। যার বাজার মূল্য ১ কোটি ৩৬ লাখ টাকা। তালিকার তৃতীয় স্থানে থাকা খান ব্রাদার্সের শেয়ার দর আগের দিনের চেয়ে ২ দশমিক ২০ শতাংশ কমেছে। কোম্পানিটি ৯২৮ বারে ১৬ লাখ ৬৬ হাজার ২৩০ টি শেয়ার লেনদেন করে। যার বাজার মূল্য ২ কোটি ২৭ লাখ টাকা। তালিকায় থাকা অন্যান্য কোম্পানির মধ্যে রয়েছে- বাংলাদেশ ওয়েল্ডিংয়ের ২.১৫, এমজেএল বাংলাদেশ পিএলসির ২.০৩ শতাংশ, ফারইস্ট নিটিংয়ের ১.৯৭ শতাংশ, এক্সিম ব্যাংকের ১.৮৮ শতাংশ, সোনালী আঁশের ১.৮৩ শতাংশ, শ্যামপুর সুগার মিলসের ১.৭৯ শতাংশ এবং ন্যাশনাল ফিড মিল লিমিটেডের ১.৭২ শতাংশ শেয়ারদর কমেছে।

ব্লক মার্কেটে লেনদেনের চমক ৩ কোম্পানির
নিজস্ব প্রতিনিধি

সপ্তাহের চতুর্থ কার্যদিবসে দেশের প্রধান পুঁজিবাজার ঢাকা স্টক এক্সচেঞ্জে (ডিএসই) ব্লক মার্কেটে ৬৭টি কোম্পানির মোট ৩০ কোটি ৯৫ লাখ ৪ হাজার টাকার শেয়ার লেনদেন হয়েছে। ডিএসই সূত্রে এই তথ্য জানা গেছে।

জানা গেছে, ব্লক মার্কেটে সবচেয়ে বেশি মেট্রো স্পিনিংয়ের ৪ কোটি ২৬ হাজার, দ্বিতীয় স্থানে চাটার্ড লাইফ ইন্স্যুরেন্সের ৩ কোটি ২১ লাখ ৯১ হাজার এবং তৃতীয় স্থানে লুব-রেফ বাংলাদেশের ২ কোটি ৮৭ লাখ ২৬ হাজার টাকার শেয়ার লেনদেন হয়েছে। এছাড়া, ব্লক মার্কেটের গুরুত্বপূর্ণ লেনদেনে অংশ নেওয়া অন্যান্য কোম্পানিগুলোর মধ্যে বাংলাদেশ সাবমেরিন ক্যাবলের ২ কোটি ৫৭ লাখ ৯৮ হাজার, কেডিএস এক্সেসরিজের ১ লাখ ৩২ লাখ ২৭ হাজার, বেক্সিমকোর ১ কোটি ২৫ লাখ ২৭ হাজার, স্কয়ার ফার্মার ১ কোটি ১৭ লাখ ২২ হাজার, ব্রিটিশ আমেরিকান টোব্যাকোর ৯ লাখ ৪ হাজার, সিমটেক্স ইন্ডাস্ট্রিজের ৮৪ লাখ এবং সোনালী আঁশের ৮২ লাখ ১০ হাজার টাকার শেয়ার লেনদেন হয়েছে।

ডিএসইতে দর বৃদ্ধির শীর্ষে চার্টার্ড লাইফ ইন্স্যুরেন্স
নিজস্ব প্রতিনিধি

সপ্তাহের চতুর্থ কার্যদিবসে দেশের প্রধান পুঁজিবাজার ঢাকা স্টক এক্সচেঞ্জে (ডিএসই) শেয়ার দর বৃদ্ধির শীর্ষে উঠে এসেছে চার্টার্ড লাইফ ইন্স্যুরেন্স কোম্পানি লিমিটেড। ডিএসই সূত্রে এ তথ্য জানা গেছে। জানা গেছে, কোম্পানিটির শেয়ার দর বৃদ্ধি পেয়েছে ৯ দশমিক ৯৮ শতাংশ। কোম্পানিটি ৩ হাজার ৫৪ বারে ২১ লাখ ৪৫ হাজার ৯৪০ টি শেয়ার লেনদেন করেছে। যার বাজার মূল্য ১৫ কোটি ৭৪ লাখ টাকা। তালিকায় ২য় স্থানে থাকা আল-হাজ্ব টেক্সটাইলের শেয়ার দর বৃদ্ধি পেয়েছে ৯ দশমিক ৯৭ শতাংশ। কোম্পানিটি ৩৯৬ বারে ২ লাখ ১৯ হাজার ৭২ টি শেয়ার লেনদেন করেছে। যার বাজার মূল্য ৩ কোটি ৪৫ লাখ টাকা। তালিকার ৩য় স্থানে থাকা মেঘনা ইন্স্যুরেন্সের শেয়ার দর বৃদ্ধি পেয়েছে ৯ দশমিক ৯১ শতাংশ। কোম্পানিটি ৭ হাজার ৪১৯ বারে ২৭ লাখ ৪৪ হাজার ৫১৭ টি শেয়ার লেনদেন করেছে। যার বাজার মূল্য ১০ কোটি ৭০ লাখ টাকা। তালিকায় থাকা অন্যান্য কোম্পানিগুলোর মধ্যে: ইসলামী কমার্সিয়াল ইন্স্যুরেন্সের ৯.৯০ শতাংশ, ইসলামী ইন্স্যুরেন্সের ৯.৬২ শতাংশ, ট্রাস্ট ইসলামী লাইফ ইন্স্যুরেন্সের ৯.৫৮ শতাংশ, ফার কেমিক্যালের ৯.৪৩ শতাংশ, এক্সপ্রেস ইন্স্যুরেন্সের ৭.৯২ শতাংশ, পেপার প্রসেসিংয়ের ৭.৭৩ শতাংশ এবং গ্লোবাল ইন্স্যুরেন্সের ৭.৬৪ শতাংশ শেয়ারদর বেড়েছে।

ডিএসইতে লেনদেনের শীর্ষে বাংলাদেশ শিপিং কর্পোরেশন
নিজস্ব প্রতিনিধি

সপ্তাহের চতুর্থ কার্যদিবসে দেশের প্রধান পুঁজিবাজার ঢাকা স্টক এক্সচেঞ্জে (ডিএসই) লেনদেনের শীর্ষে উঠে এসেছে বাংলাদেশ শিপিং কর্পোরেশন লিমিটেড। ডিএসই সূত্রে এই তথ্য জানা গেছে।

জানা গেছে, কোম্পানিটির ৩৬ কোটি ৬৮ লাখ ৭৪ হাজার টাকার শেয়ার লেনদেন হয়েছে। লেনদেনের তালিকায় দ্বিতীয় স্থানে রয়েছে ইন্ট্রাকোর শেয়ার লেনদেন হয়েছে ২৮ কোটি ৫২ লাখ ২১ হাজার টাকার। ২২ কোটি ৬৩ লাখ ৫২ হাজার টাকার শেয়ার হাতবদলের মাধ্যমে লেনদেনের শীর্ষ তালিকার তৃতীয় স্থানে উঠে এসেছে সি পার্ল হোটেল। লেনদেনের শীর্ষ তালিকায় থাকা অন্যান্য কোম্পানিগুলোর মধ্যে রয়েছে: রূপালী লাইফ ইন্স্যুরেন্স, অগ্নি সিস্টেমস, প্যারামাউন্ট টেক্সটাইল, ইউনিক হোটেল, জেমিনি সি ফুড, ইস্টার্ন হাউজিং এবং চাটার্ড লাইফ ইন্স্যুরেন্স লিমিটেড।

ডিএসইর ৫ কোম্পানির লেনদেন বৃহস্পতিবার বন্ধ
নিজস্ব প্রতিনিধি

পুঁজিবাজারে তালিকাভুক্ত ৫ কোম্পানির শেয়ার লেনদেন বৃহস্পতিবার বন্ধ থাকবে। কোম্পানিগুলো হচ্ছে: ইউনাইটেড কমার্শিয়াল ব্যাংক, তাকাফুল, অগ্নি সিস্টেমস, এশিয়া প্যাসিফিক জেনারেল ইন্স্যুরেন্স কোম্পানি এবং বাটা সু কোম্পানি লিমিটেড। ডিএসই সূত্রে এ তথ্য জানা গেছে। জানা গেছে, বৃহস্পতিবার কোম্পানি ৫টির রেকর্ড ডেট নির্ধারণ করা হয়েছে। এর আগে কোম্পানি ৫টি স্পট মার্কেটে লেনদেন শুরু করে। রেকর্ড ডেটের কারণে বৃহস্পতিবার লেনদেন স্থগিত রাখবে কোম্পানি ৫টি। রোববার কোম্পানি ৫টির লেনদেন স্বাভাবিক নিয়মে চলবে।
